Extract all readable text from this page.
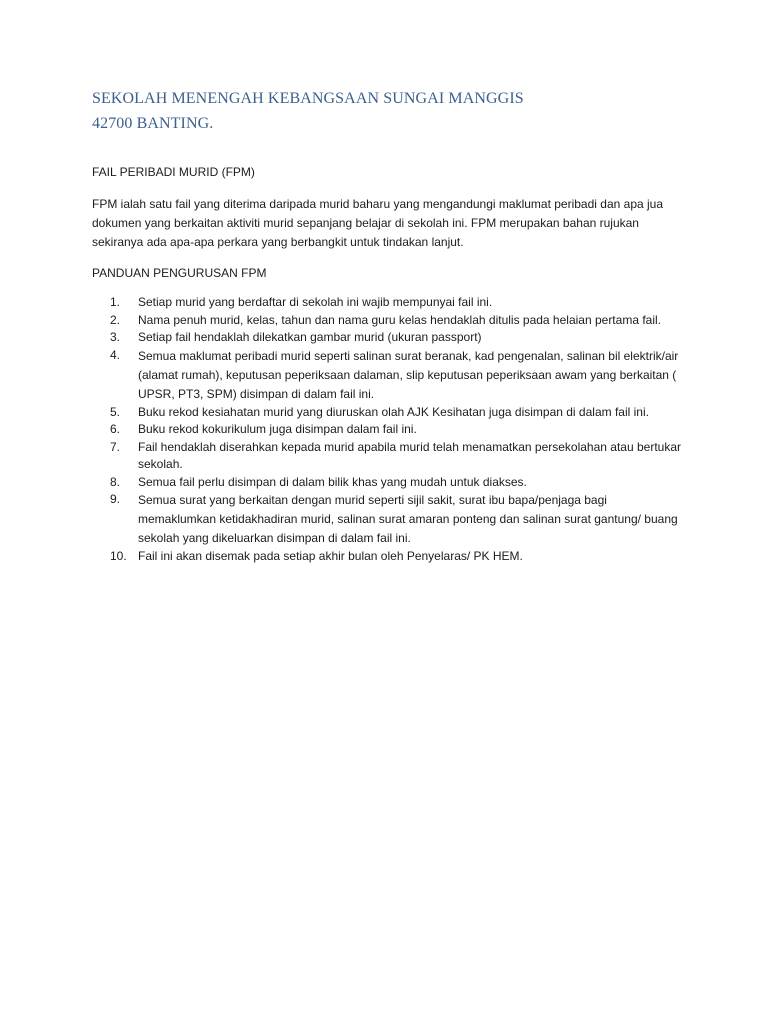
SEKOLAH MENENGAH KEBANGSAAN SUNGAI MANGGIS
42700 BANTING.
FAIL PERIBADI MURID (FPM)

FPM ialah satu fail yang diterima daripada murid baharu yang mengandungi maklumat peribadi dan apa jua dokumen yang berkaitan aktiviti murid sepanjang belajar di sekolah ini. FPM merupakan bahan rujukan sekiranya ada apa-apa perkara yang berbangkit untuk tindakan lanjut.

PANDUAN PENGURUSAN FPM
1.	Setiap murid yang berdaftar di sekolah ini wajib mempunyai fail ini.
2.	Nama penuh murid, kelas, tahun dan nama guru kelas hendaklah ditulis pada helaian pertama fail.
3.	Setiap fail hendaklah dilekatkan gambar murid (ukuran passport)
4.	Semua maklumat peribadi murid seperti salinan surat beranak, kad pengenalan, salinan bil elektrik/air (alamat rumah), keputusan peperiksaan dalaman, slip keputusan peperiksaan awam yang berkaitan ( UPSR, PT3, SPM) disimpan di dalam fail ini.
5.	Buku rekod kesiahatan murid yang diuruskan olah AJK Kesihatan juga disimpan di dalam fail ini.
6.	Buku rekod kokurikulum juga disimpan dalam fail ini.
7.	Fail hendaklah diserahkan kepada murid apabila murid telah menamatkan persekolahan atau bertukar sekolah.
8.	Semua fail perlu disimpan di dalam bilik khas yang mudah untuk diakses.
9.	Semua surat yang berkaitan dengan murid seperti sijil sakit, surat ibu bapa/penjaga bagi memaklumkan ketidakhadiran murid, salinan surat amaran ponteng dan salinan surat gantung/ buang sekolah yang dikeluarkan disimpan di dalam fail ini.
10. Fail ini akan disemak pada setiap akhir bulan oleh Penyelaras/ PK HEM.
